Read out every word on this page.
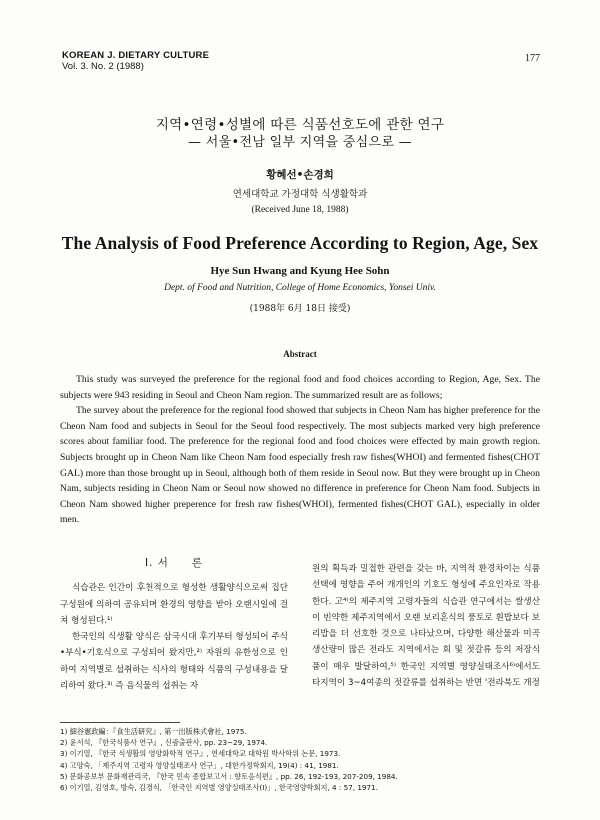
KOREAN J. DIETARY CULTURE
Vol. 3. No. 2 (1988)
177
지역•연령•성별에 따른 식품선호도에 관한 연구
— 서울•전남 일부 지역을 중심으로 —
황혜선•손경희
연세대학교 가정대학 식생활학과
(Received June 18, 1988)
The Analysis of Food Preference According to Region, Age, Sex
Hye Sun Hwang and Kyung Hee Sohn
Dept. of Food and Nutrition, College of Home Economics, Yonsei Univ.
(1988年 6月 18日 接受)
Abstract

This study was surveyed the preference for the regional food and food choices according to Region, Age, Sex. The subjects were 943 residing in Seoul and Cheon Nam region. The summarized result are as follows;

The survey about the preference for the regional food showed that subjects in Cheon Nam has higher preference for the Cheon Nam food and subjects in Seoul for the Seoul food respectively. The most subjects marked very high preference scores about familiar food. The preference for the regional food and food choices were effected by main growth region. Subjects brought up in Cheon Nam like Cheon Nam food especially fresh raw fishes(WHOI) and fermented fishes(CHOT GAL) more than those brought up in Seoul, although both of them reside in Seoul now. But they were brought up in Cheon Nam, subjects residing in Cheon Nam or Seoul now showed no difference in preference for Cheon Nam food. Subjects in Cheon Nam showed higher preperence for fresh raw fishes(WHOI), fermented fishes(CHOT GAL), especially in older men.

I. 서　　론

식습관은 인간이 후천적으로 형성한 생활양식으로써 집단 구성원에 의하여 공유되며 환경의 영향을 받아 오랜시일에 걸쳐 형성된다.¹⁾

한국인의 식생활 양식은 삼국시대 후기부터 형성되어 주식•부식•기호식으로 구성되어 왔지만,²⁾ 자원의 유한성으로 인하여 지역별로 섭취하는 식사의 형태와 식품의 구성내용을 달리하여 왔다.³⁾ 즉 음식물의 섭취는 자

원의 획득과 밀접한 관련을 갖는 바, 지역적 환경차이는 식품선택에 영향을 주어 개개인의 기호도 형성에 주요인자로 작용한다. 고⁴⁾의 제주지역 고령자들의 식습관 연구에서는 쌀생산이 빈약한 제주지역에서 오랜 보리혼식의 풍토로 흰밥보다 보리밥을 더 선호한 것으로 나타났으며, 다양한 해산물과 미곡생산량이 많은 전라도 지역에서는 회 및 젓갈류 등의 저장식품이 매우 발달하여,⁵⁾ 한국인 지역별 영양실태조사⁶⁾에서도 타지역이 3~4여종의 젓갈류를 섭취하는 반면 '전라북도 개정

1) 細谷憲政編：『食生活研究』, 第一出版株式會社, 1975.
2) 윤서석, 『한국식품사 연구』, 신광출판사, pp. 23~29, 1974.
3) 이기열, 『한국 식생활의 영양화학적 연구』, 연세대학교 대학원 박사학위 논문, 1973.
4) 고양숙, 「제주지역 고령자 영양실태조사 연구」, 대한가정학회지, 19(4) : 41, 1981.
5) 문화공보부 문화재관리국, 『한국 민속 종합보고서 : 향토음식편』, pp. 26, 192-193, 207-209, 1984.
6) 이기열, 김영호, 방숙, 김경식, 「한국인 지역별 영양실태조사(I)」, 한국영양학회지, 4 : 57, 1971.
